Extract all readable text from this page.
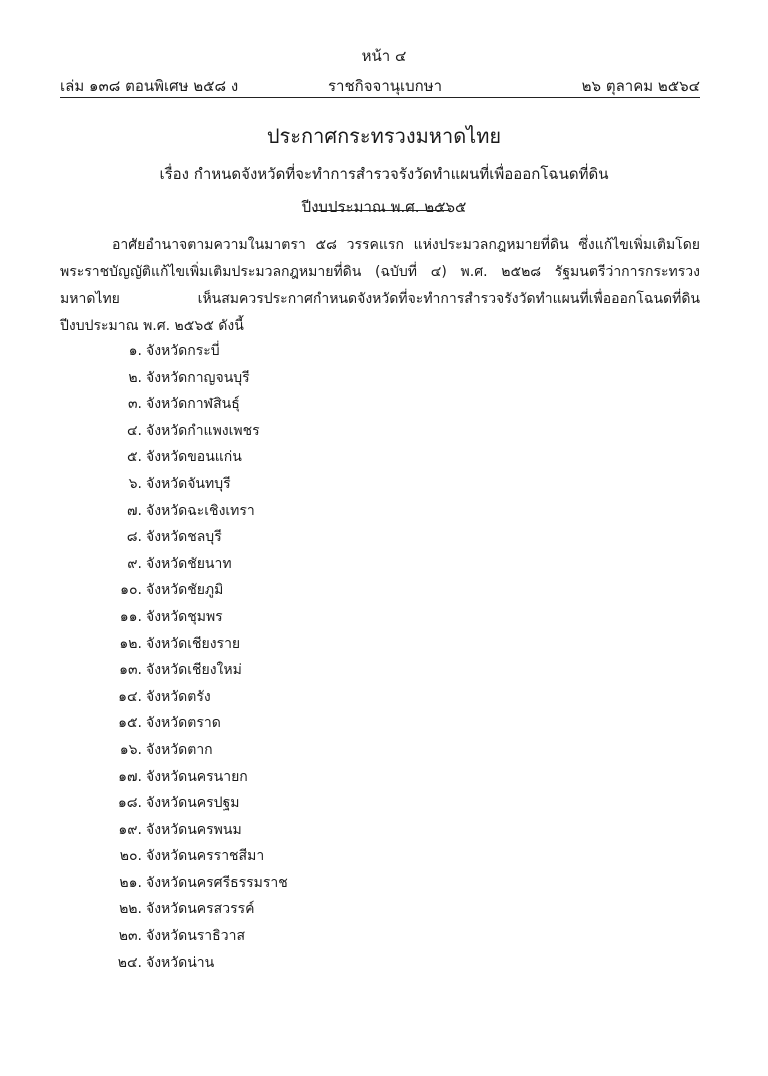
หน้า ๔
เล่ม ๑๓๘ ตอนพิเศษ ๒๕๘ ง	ราชกิจจานุเบกษา	๒๖ ตุลาคม ๒๕๖๔
ประกาศกระทรวงมหาดไทย
เรื่อง กำหนดจังหวัดที่จะทำการสำรวจรังวัดทำแผนที่เพื่อออกโฉนดที่ดิน
ปีงบประมาณ พ.ศ. ๒๕๖๕

อาศัยอำนาจตามความในมาตรา ๕๘ วรรคแรก แห่งประมวลกฎหมายที่ดิน ซึ่งแก้ไขเพิ่มเติมโดยพระราชบัญญัติแก้ไขเพิ่มเติมประมวลกฎหมายที่ดิน (ฉบับที่ ๔) พ.ศ. ๒๕๒๘ รัฐมนตรีว่าการกระทรวงมหาดไทย เห็นสมควรประกาศกำหนดจังหวัดที่จะทำการสำรวจรังวัดทำแผนที่เพื่อออกโฉนดที่ดินปีงบประมาณ พ.ศ. ๒๕๖๕ ดังนี้

๑. จังหวัดกระบี่
๒. จังหวัดกาญจนบุรี
๓. จังหวัดกาฬสินธุ์
๔. จังหวัดกำแพงเพชร
๕. จังหวัดขอนแก่น
๖. จังหวัดจันทบุรี
๗. จังหวัดฉะเชิงเทรา
๘. จังหวัดชลบุรี
๙. จังหวัดชัยนาท
๑๐. จังหวัดชัยภูมิ
๑๑. จังหวัดชุมพร
๑๒. จังหวัดเชียงราย
๑๓. จังหวัดเชียงใหม่
๑๔. จังหวัดตรัง
๑๕. จังหวัดตราด
๑๖. จังหวัดตาก
๑๗. จังหวัดนครนายก
๑๘. จังหวัดนครปฐม
๑๙. จังหวัดนครพนม
๒๐. จังหวัดนครราชสีมา
๒๑. จังหวัดนครศรีธรรมราช
๒๒. จังหวัดนครสวรรค์
๒๓. จังหวัดนราธิวาส
๒๔. จังหวัดน่าน
